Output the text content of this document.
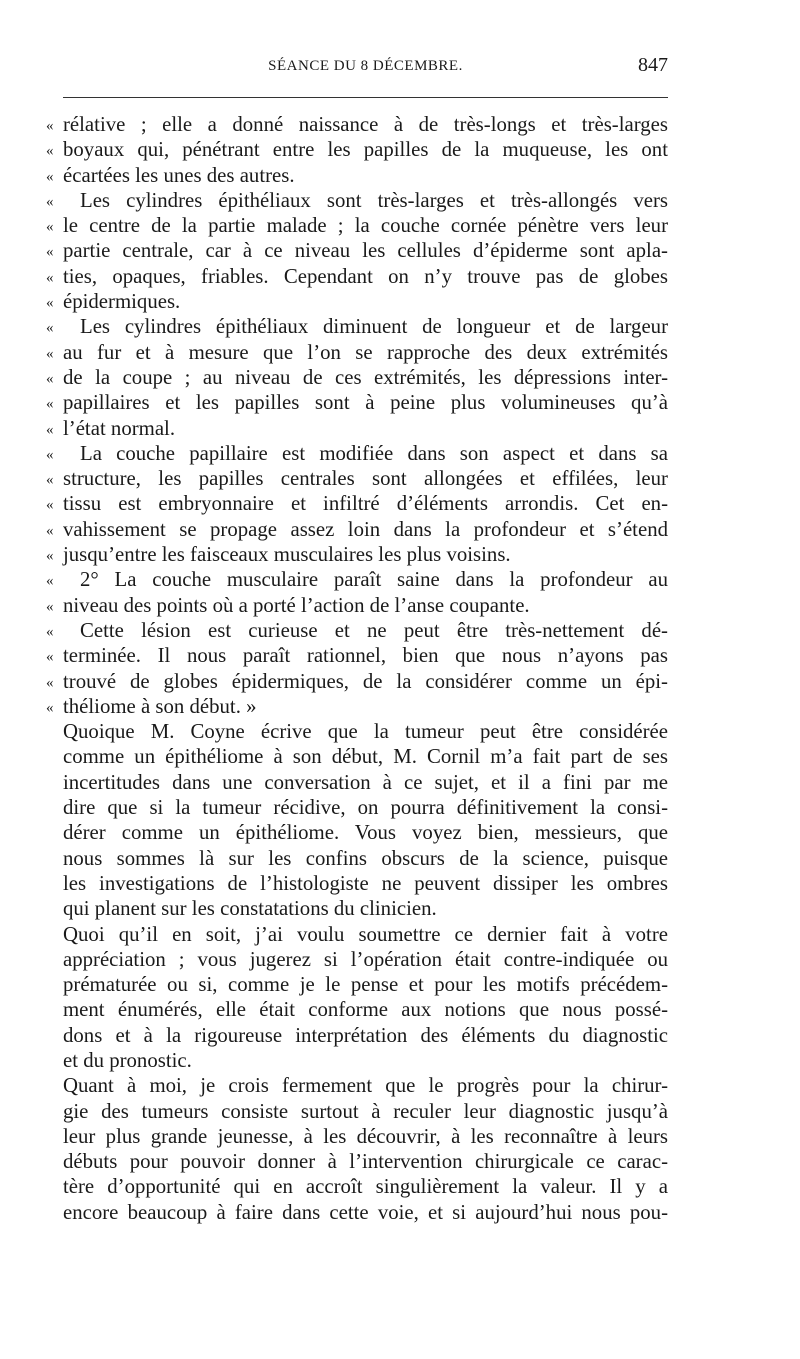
SÉANCE DU 8 DÉCEMBRE.	847
« rélative ; elle a donné naissance à de très-longs et très-larges
« boyaux qui, pénétrant entre les papilles de la muqueuse, les ont
« écartées les unes des autres.
« Les cylindres épithéliaux sont très-larges et très-allongés vers
« le centre de la partie malade ; la couche cornée pénètre vers leur
« partie centrale, car à ce niveau les cellules d’épiderme sont apla-
« ties, opaques, friables. Cependant on n’y trouve pas de globes
« épidermiques.
« Les cylindres épithéliaux diminuent de longueur et de largeur
« au fur et à mesure que l’on se rapproche des deux extrémités
« de la coupe ; au niveau de ces extrémités, les dépressions inter-
« papillaires et les papilles sont à peine plus volumineuses qu’à
« l’état normal.
« La couche papillaire est modifiée dans son aspect et dans sa
« structure, les papilles centrales sont allongées et effilées, leur
« tissu est embryonnaire et infiltré d’éléments arrondis. Cet en-
« vahissement se propage assez loin dans la profondeur et s’étend
« jusqu’entre les faisceaux musculaires les plus voisins.
« 2° La couche musculaire paraît saine dans la profondeur au
« niveau des points où a porté l’action de l’anse coupante.
« Cette lésion est curieuse et ne peut être très-nettement dé-
« terminée. Il nous paraît rationnel, bien que nous n’ayons pas
« trouvé de globes épidermiques, de la considérer comme un épi-
« théliome à son début. »
Quoique M. Coyne écrive que la tumeur peut être considérée
comme un épithéliome à son début, M. Cornil m’a fait part de ses
incertitudes dans une conversation à ce sujet, et il a fini par me
dire que si la tumeur récidive, on pourra définitivement la consi-
dérer comme un épithéliome. Vous voyez bien, messieurs, que
nous sommes là sur les confins obscurs de la science, puisque
les investigations de l’histologiste ne peuvent dissiper les ombres
qui planent sur les constatations du clinicien.
Quoi qu’il en soit, j’ai voulu soumettre ce dernier fait à votre
appréciation ; vous jugerez si l’opération était contre-indiquée ou
prématurée ou si, comme je le pense et pour les motifs précédem-
ment énumérés, elle était conforme aux notions que nous possé-
dons et à la rigoureuse interprétation des éléments du diagnostic
et du pronostic.
Quant à moi, je crois fermement que le progrès pour la chirur-
gie des tumeurs consiste surtout à reculer leur diagnostic jusqu’à
leur plus grande jeunesse, à les découvrir, à les reconnaître à leurs
débuts pour pouvoir donner à l’intervention chirurgicale ce carac-
tère d’opportunité qui en accroît singulièrement la valeur. Il y a
encore beaucoup à faire dans cette voie, et si aujourd’hui nous pou-
